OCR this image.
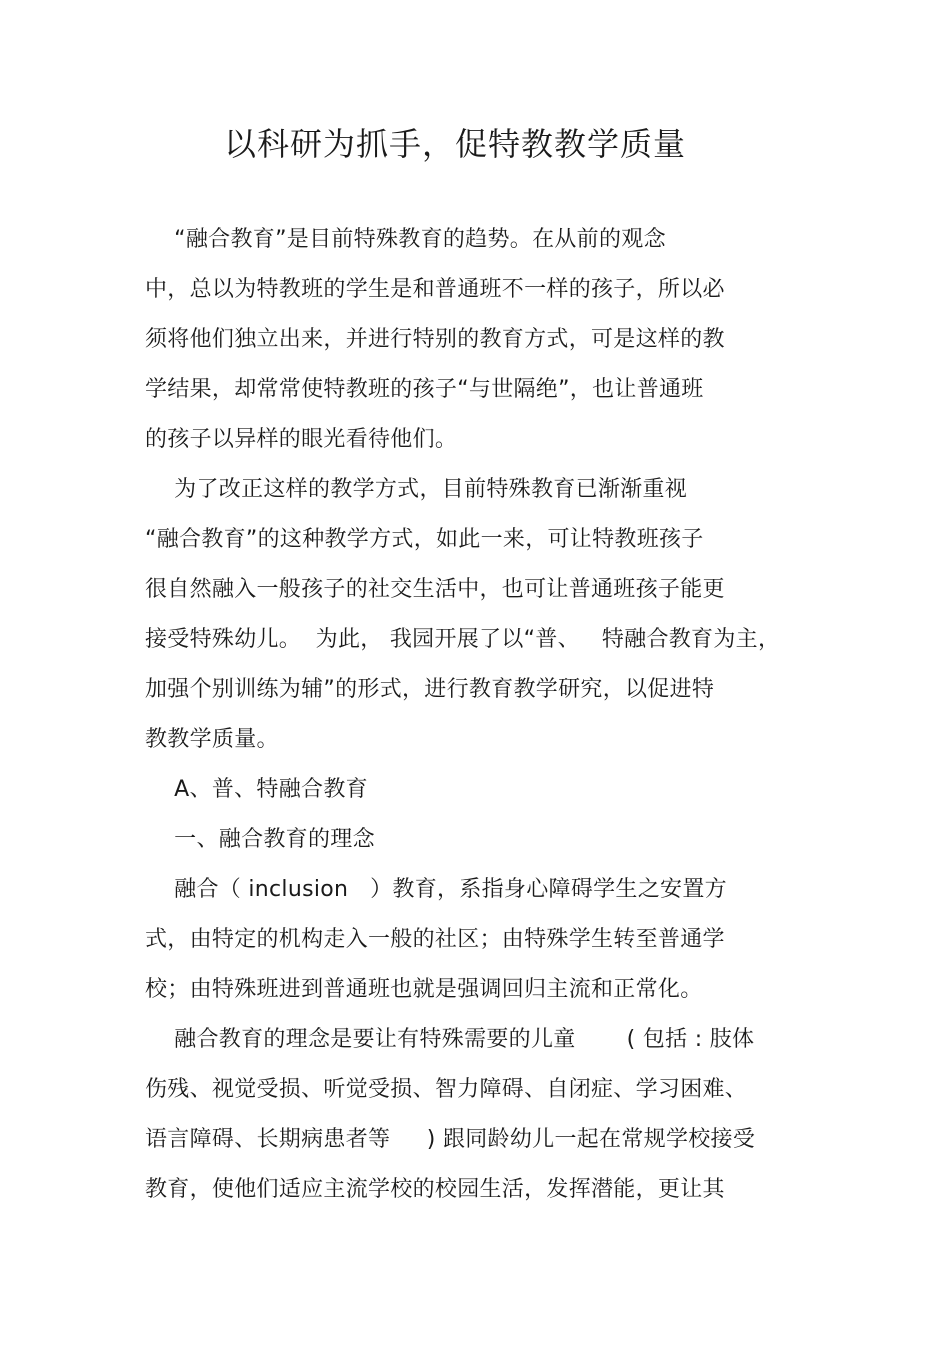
以科研为抓手，促特教教学质量

“融合教育”是目前特殊教育的趋势。在从前的观念

中，总以为特教班的学生是和普通班不一样的孩子，所以必

须将他们独立出来，并进行特别的教育方式，可是这样的教

学结果，却常常使特教班的孩子“与世隔绝”，也让普通班

的孩子以异样的眼光看待他们。

为了改正这样的教学方式，目前特殊教育已渐渐重视

“融合教育”的这种教学方式，如此一来，可让特教班孩子

很自然融入一般孩子的社交生活中，也可让普通班孩子能更

接受特殊幼儿。  为此， 我园开展了以“普、   特融合教育为主，

加强个别训练为辅”的形式，进行教育教学研究，以促进特

教教学质量。

A、普、特融合教育

一、融合教育的理念

融合（ inclusion   ）教育，系指身心障碍学生之安置方

式，由特定的机构走入一般的社区；由特殊学生转至普通学

校；由特殊班进到普通班也就是强调回归主流和正常化。

融合教育的理念是要让有特殊需要的儿童       ( 包括 : 肢体

伤残、视觉受损、听觉受损、智力障碍、自闭症、学习困难、

语言障碍、长期病患者等     ) 跟同龄幼儿一起在常规学校接受

教育，使他们适应主流学校的校园生活，发挥潜能，更让其
